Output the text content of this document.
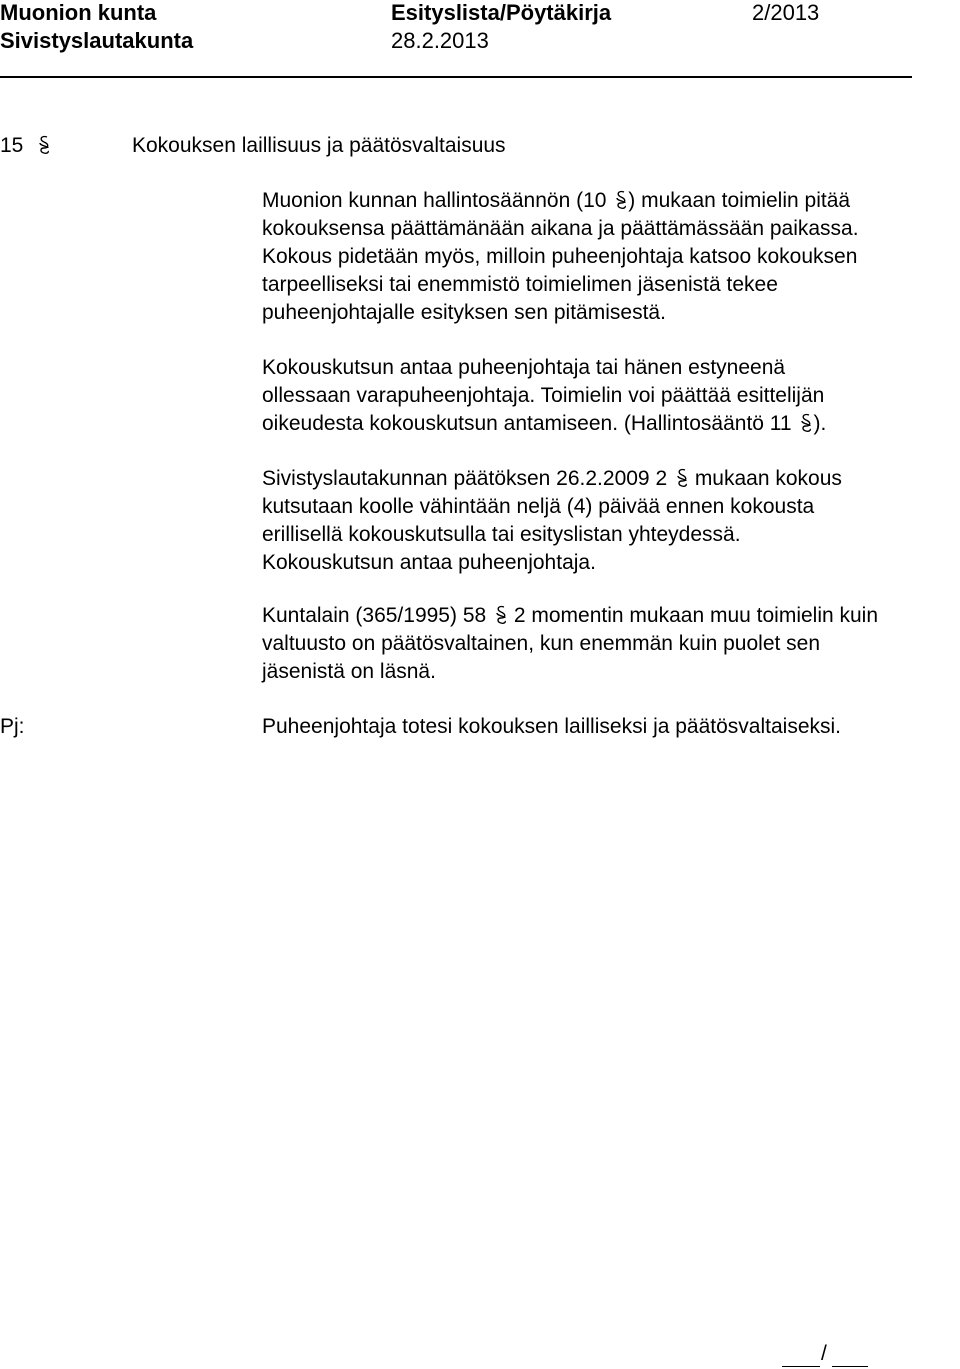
Muonion kunta
Sivistyslautakunta
Esityslista/Pöytäkirja
28.2.2013
2/2013
15	Kokouksen laillisuus ja päätösvaltaisuus
Muonion kunnan hallintosäännön (10 ) mukaan toimielin pitää
kokouksensa päättämänään aikana ja päättämässään paikassa.
Kokous pidetään myös, milloin puheenjohtaja katsoo kokouksen
tarpeelliseksi tai enemmistö toimielimen jäsenistä tekee
puheenjohtajalle esityksen sen pitämisestä.
Kokouskutsun antaa puheenjohtaja tai hänen estyneenä
ollessaan varapuheenjohtaja. Toimielin voi päättää esittelijän
oikeudesta kokouskutsun antamiseen. (Hallintosääntö 11 ).
Sivistyslautakunnan päätöksen 26.2.2009 2 mukaan kokous
kutsutaan koolle vähintään neljä (4) päivää ennen kokousta
erillisellä kokouskutsulla tai esityslistan yhteydessä.
Kokouskutsun antaa puheenjohtaja.
Kuntalain (365/1995) 58 2 momentin mukaan muu toimielin kuin
valtuusto on päätösvaltainen, kun enemmän kuin puolet sen
jäsenistä on läsnä.
Pj:	Puheenjohtaja totesi kokouksen lailliseksi ja päätösvaltaiseksi.
/
